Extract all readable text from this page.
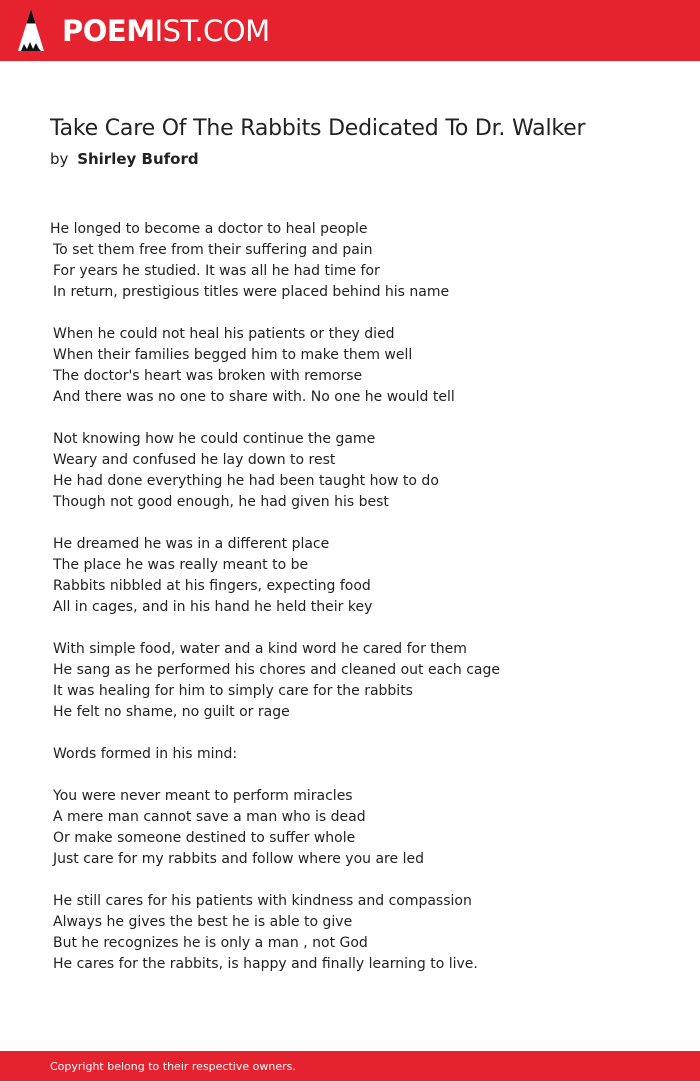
POEMIST.COM
Take Care Of The Rabbits Dedicated To Dr. Walker
by Shirley Buford
He longed to become a doctor to heal people
To set them free from their suffering and pain
For years he studied. It was all he had time for
In return, prestigious titles were placed behind his name
When he could not heal his patients or they died
When their families begged him to make them well
The doctor's heart was broken with remorse
And there was no one to share with. No one he would tell
Not knowing how he could continue the game
Weary and confused he lay down to rest
He had done everything he had been taught how to do
Though not good enough, he had given his best
He dreamed he was in a different place
The place he was really meant to be
Rabbits nibbled at his fingers, expecting food
All in cages, and in his hand he held their key
With simple food, water and a kind word he cared for them
He sang as he performed his chores and cleaned out each cage
It was healing for him to simply care for the rabbits
He felt no shame, no guilt or rage
Words formed in his mind:
You were never meant to perform miracles
A mere man cannot save a man who is dead
Or make someone destined to suffer whole
Just care for my rabbits and follow where you are led
He still cares for his patients with kindness and compassion
Always he gives the best he is able to give
But he recognizes he is only a man , not God
He cares for the rabbits, is happy and finally learning to live.
Copyright belong to their respective owners.
